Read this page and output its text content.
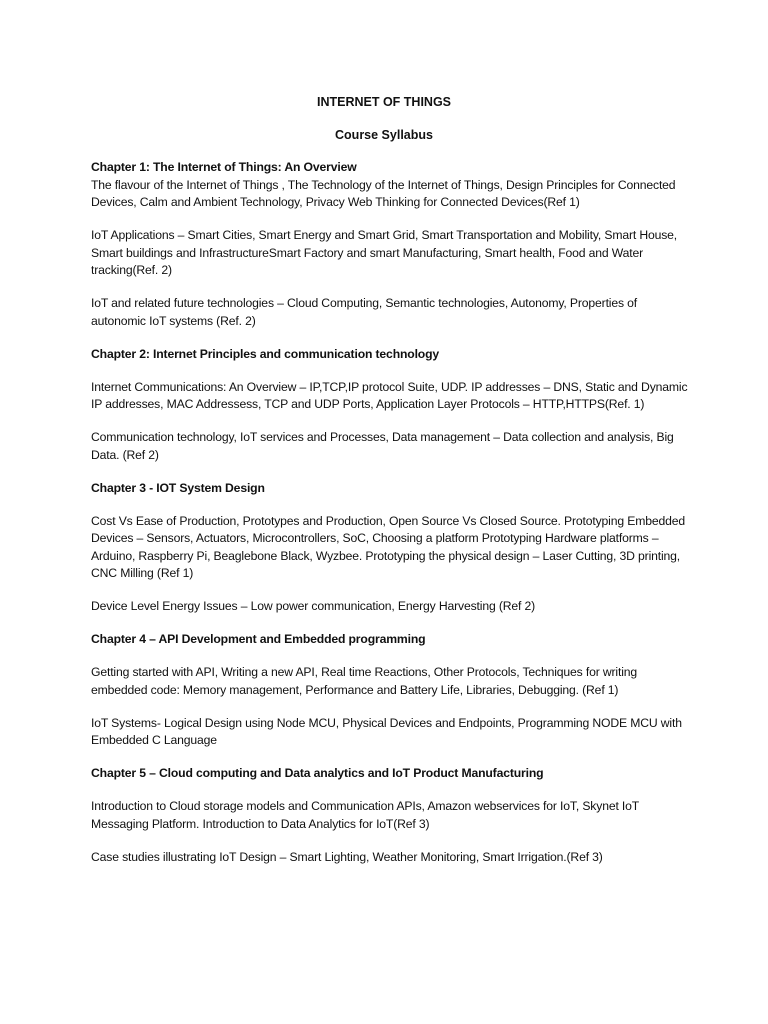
INTERNET OF THINGS

Course Syllabus

Chapter 1: The Internet of Things: An Overview

The flavour of the Internet of Things , The Technology of the Internet of Things, Design Principles for Connected Devices, Calm and Ambient Technology, Privacy Web Thinking for Connected Devices(Ref 1)

IoT Applications – Smart Cities, Smart Energy and Smart Grid, Smart Transportation and Mobility, Smart House, Smart buildings and InfrastructureSmart Factory and smart Manufacturing, Smart health, Food and Water tracking(Ref. 2)

IoT and related future technologies – Cloud Computing, Semantic technologies, Autonomy, Properties of autonomic IoT systems (Ref. 2)

Chapter 2: Internet Principles and communication technology

Internet Communications: An Overview – IP,TCP,IP protocol Suite, UDP. IP addresses – DNS, Static and Dynamic IP addresses, MAC Addressess, TCP and UDP Ports, Application Layer Protocols – HTTP,HTTPS(Ref. 1)

Communication technology, IoT services and Processes, Data management – Data collection and analysis, Big Data. (Ref 2)

Chapter 3 - IOT System Design

Cost Vs Ease of Production, Prototypes and Production, Open Source Vs Closed Source. Prototyping Embedded Devices – Sensors, Actuators, Microcontrollers, SoC, Choosing a platform Prototyping Hardware platforms – Arduino, Raspberry Pi, Beaglebone Black, Wyzbee. Prototyping the physical design – Laser Cutting, 3D printing, CNC Milling (Ref 1)

Device Level Energy Issues – Low power communication, Energy Harvesting (Ref 2)

Chapter 4 – API Development and Embedded programming

Getting started with API, Writing a new API, Real time Reactions, Other Protocols, Techniques for writing embedded code: Memory management, Performance and Battery Life, Libraries, Debugging. (Ref 1)

IoT Systems- Logical Design using Node MCU, Physical Devices and Endpoints, Programming NODE MCU with Embedded C Language

Chapter 5 – Cloud computing and Data analytics and IoT Product Manufacturing

Introduction to Cloud storage models and Communication APIs, Amazon webservices for IoT, Skynet IoT Messaging Platform. Introduction to Data Analytics for IoT(Ref 3)

Case studies illustrating IoT Design – Smart Lighting, Weather Monitoring, Smart Irrigation.(Ref 3)
